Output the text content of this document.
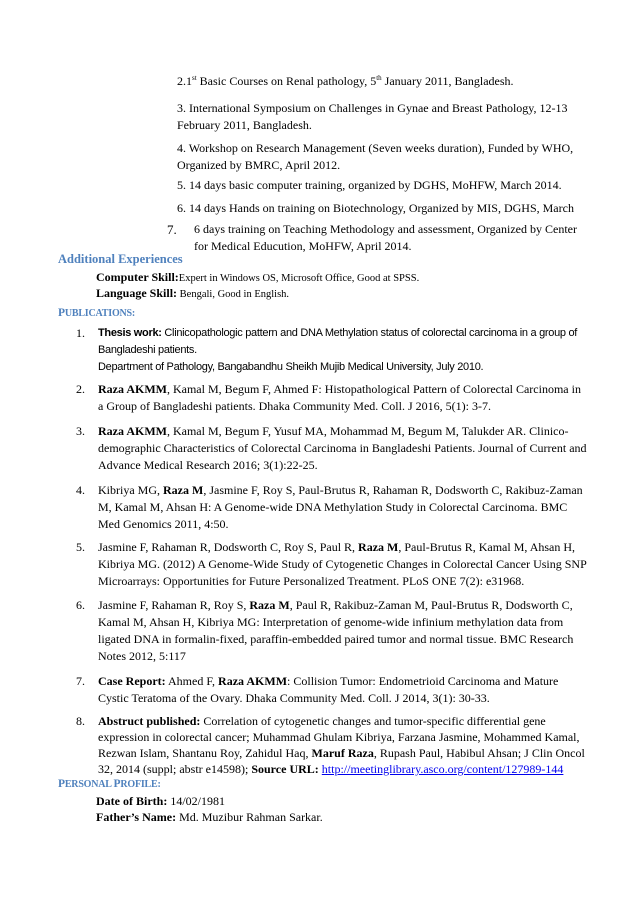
2.1st Basic Courses on Renal pathology, 5th January 2011, Bangladesh.
3. International Symposium on Challenges in Gynae and Breast Pathology, 12-13 February 2011, Bangladesh.
4. Workshop on Research Management (Seven weeks duration), Funded by WHO, Organized by BMRC, April 2012.
5. 14 days basic computer training, organized by DGHS, MoHFW, March 2014.
6. 14 days Hands on training on Biotechnology, Organized by MIS, DGHS, March
7. 6 days training on Teaching Methodology and assessment, Organized by Center for Medical Educution, MoHFW, April 2014.
Additional Experiences
Computer Skill:Expert in Windows OS, Microsoft Office, Good at SPSS.
Language Skill: Bengali, Good in English.
PUBLICATIONS:
1.	Thesis work: Clinicopathologic pattern and DNA Methylation status of colorectal carcinoma in a group of Bangladeshi patients.
Department of Pathology, Bangabandhu Sheikh Mujib Medical University, July 2010.
2.	Raza AKMM, Kamal M, Begum F, Ahmed F: Histopathological Pattern of Colorectal Carcinoma in a Group of Bangladeshi patients. Dhaka Community Med. Coll. J 2016, 5(1): 3-7.
3.	Raza AKMM, Kamal M, Begum F, Yusuf MA, Mohammad M, Begum M, Talukder AR. Clinico-demographic Characteristics of Colorectal Carcinoma in Bangladeshi Patients. Journal of Current and Advance Medical Research 2016; 3(1):22-25.
4.	Kibriya MG, Raza M, Jasmine F, Roy S, Paul-Brutus R, Rahaman R, Dodsworth C, Rakibuz-Zaman M, Kamal M, Ahsan H: A Genome-wide DNA Methylation Study in Colorectal Carcinoma. BMC Med Genomics 2011, 4:50.
5.	Jasmine F, Rahaman R, Dodsworth C, Roy S, Paul R, Raza M, Paul-Brutus R, Kamal M, Ahsan H, Kibriya MG. (2012) A Genome-Wide Study of Cytogenetic Changes in Colorectal Cancer Using SNP Microarrays: Opportunities for Future Personalized Treatment. PLoS ONE 7(2): e31968.
6.	Jasmine F, Rahaman R, Roy S, Raza M, Paul R, Rakibuz-Zaman M, Paul-Brutus R, Dodsworth C, Kamal M, Ahsan H, Kibriya MG: Interpretation of genome-wide infinium methylation data from ligated DNA in formalin-fixed, paraffin-embedded paired tumor and normal tissue. BMC Research Notes 2012, 5:117
7.	Case Report: Ahmed F, Raza AKMM: Collision Tumor: Endometrioid Carcinoma and Mature Cystic Teratoma of the Ovary. Dhaka Community Med. Coll. J 2014, 3(1): 30-33.
8.	Abstruct published: Correlation of cytogenetic changes and tumor-specific differential gene expression in colorectal cancer; Muhammad Ghulam Kibriya, Farzana Jasmine, Mohammed Kamal, Rezwan Islam, Shantanu Roy, Zahidul Haq, Maruf Raza, Rupash Paul, Habibul Ahsan; J Clin Oncol 32, 2014 (suppl; abstr e14598); Source URL: http://meetinglibrary.asco.org/content/127989-144
PERSONAL PROFILE:
Date of Birth: 14/02/1981
Father’s Name: Md. Muzibur Rahman Sarkar.
